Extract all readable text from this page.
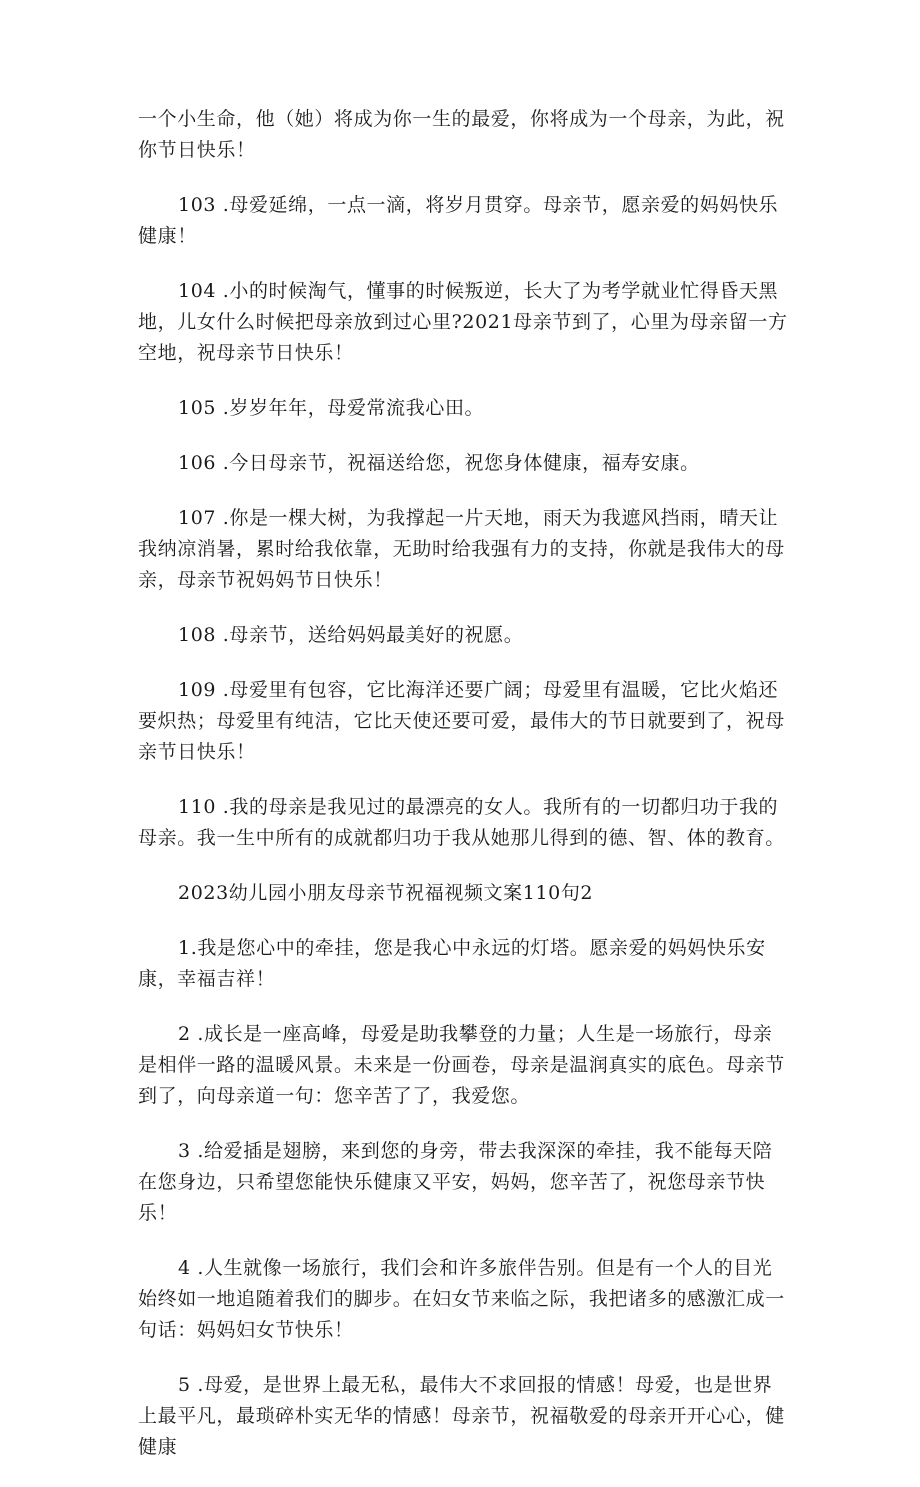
一个小生命，他（她）将成为你一生的最爱，你将成为一个母亲，为此，祝你节日快乐！

103 .母爱延绵，一点一滴，将岁月贯穿。母亲节，愿亲爱的妈妈快乐健康！

104 .小的时候淘气，懂事的时候叛逆，长大了为考学就业忙得昏天黑地，儿女什么时候把母亲放到过心里?2021母亲节到了，心里为母亲留一方空地，祝母亲节日快乐！

105 .岁岁年年，母爱常流我心田。

106 .今日母亲节，祝福送给您，祝您身体健康，福寿安康。

107 .你是一棵大树，为我撑起一片天地，雨天为我遮风挡雨，晴天让我纳凉消暑，累时给我依靠，无助时给我强有力的支持，你就是我伟大的母亲，母亲节祝妈妈节日快乐！

108 .母亲节，送给妈妈最美好的祝愿。

109 .母爱里有包容，它比海洋还要广阔；母爱里有温暖，它比火焰还要炽热；母爱里有纯洁，它比天使还要可爱，最伟大的节日就要到了，祝母亲节日快乐！

110 .我的母亲是我见过的最漂亮的女人。我所有的一切都归功于我的母亲。我一生中所有的成就都归功于我从她那儿得到的德、智、体的教育。

2023幼儿园小朋友母亲节祝福视频文案110句2

1.我是您心中的牵挂，您是我心中永远的灯塔。愿亲爱的妈妈快乐安康，幸福吉祥！

2 .成长是一座高峰，母爱是助我攀登的力量；人生是一场旅行，母亲是相伴一路的温暖风景。未来是一份画卷，母亲是温润真实的底色。母亲节到了，向母亲道一句：您辛苦了了，我爱您。

3 .给爱插是翅膀，来到您的身旁，带去我深深的牵挂，我不能每天陪在您身边，只希望您能快乐健康又平安，妈妈，您辛苦了，祝您母亲节快乐！

4 .人生就像一场旅行，我们会和许多旅伴告别。但是有一个人的目光始终如一地追随着我们的脚步。在妇女节来临之际，我把诸多的感激汇成一句话：妈妈妇女节快乐！

5 .母爱，是世界上最无私，最伟大不求回报的情感！母爱，也是世界上最平凡，最琐碎朴实无华的情感！母亲节，祝福敬爱的母亲开开心心，健健康
